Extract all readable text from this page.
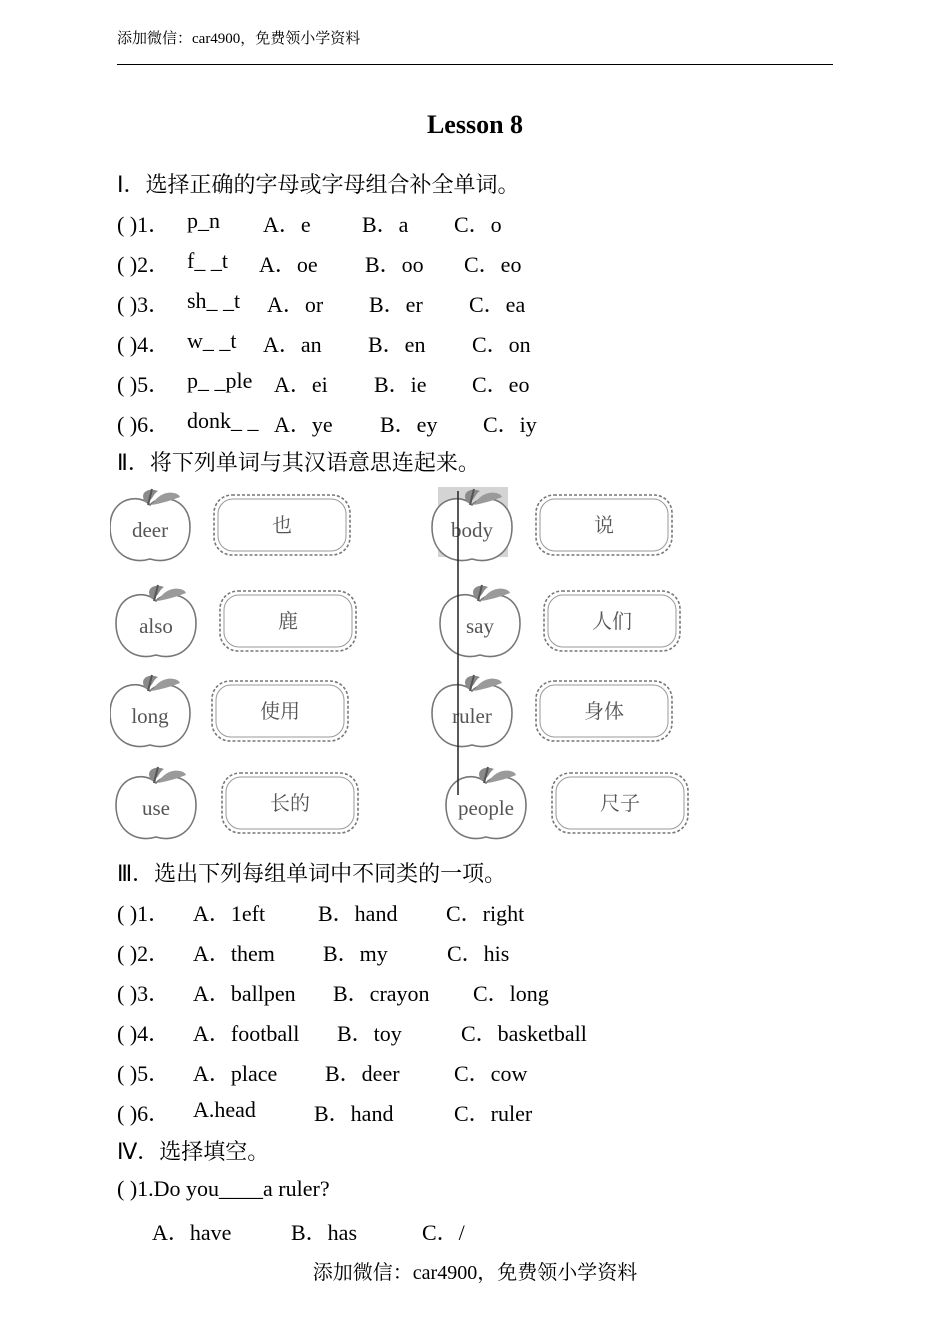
添加微信：car4900，免费领小学资料
Lesson 8
I．选择正确的字母或字母组合补全单词。
( )1． p_n A．e B．a C．o
( )2． f_ _t A．oe B．oo C．eo
( )3． sh_ _t A．or B．er C．ea
( )4． w_ _t A．an B．en C．on
( )5． p_ _ple A．ei B．ie C．eo
( )6． donk_ _ A．ye B．ey C．iy
Ⅱ．将下列单词与其汉语意思连起来。
deer
also
long
use
也
鹿
使用
长的
body
say
ruler
people
说
人们
身体
尺子
Ⅲ．选出下列每组单词中不同类的一项。
( )1． A．1eft B．hand C．right
( )2． A．them B．my	C．his
( )3． A．ballpen B．crayon C．long
( )4． A．football B．toy	C．basketball
( )5． A．place B．deer C．cow
( )6． A.head	B．hand	C．ruler
Ⅳ．选择填空。
( )1.Do you____a ruler?
A．have	B．has	C．/
添加微信：car4900，免费领小学资料
